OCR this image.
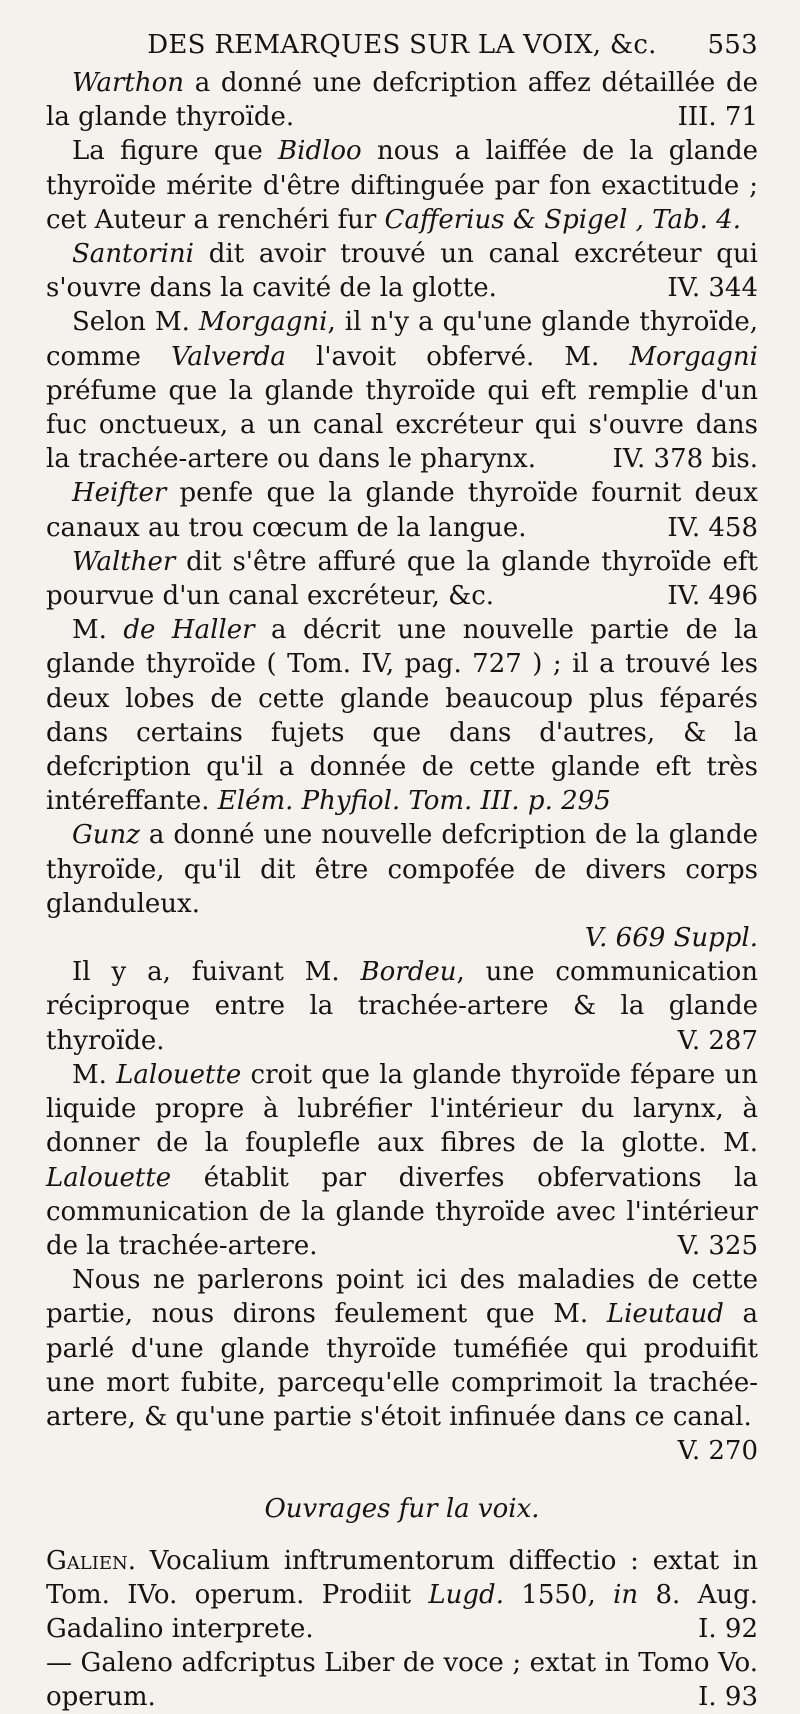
DES REMARQUES SUR LA VOIX, &c.	553

Warthon a donné une defcription affez détaillée de la glande thyroïde.	III. 71

La figure que Bidloo nous a laiffée de la glande thyroïde mérite d'être diftinguée par fon exactitude ; cet Auteur a renchéri fur Cafferius & Spigel , Tab. 4.

Santorini dit avoir trouvé un canal excréteur qui s'ouvre dans la cavité de la glotte.	IV. 344

Selon M. Morgagni, il n'y a qu'une glande thyroïde, comme Valverda l'avoit obfervé. M. Morgagni préfume que la glande thyroïde qui eft remplie d'un fuc onctueux, a un canal excréteur qui s'ouvre dans la trachée-artere ou dans le pharynx.	IV. 378 bis.

Heifter penfe que la glande thyroïde fournit deux canaux au trou cœcum de la langue.	IV. 458

Walther dit s'être affuré que la glande thyroïde eft pourvue d'un canal excréteur, &c.	IV. 496

M. de Haller a décrit une nouvelle partie de la glande thyroïde ( Tom. IV, pag. 727 ) ; il a trouvé les deux lobes de cette glande beaucoup plus féparés dans certains fujets que dans d'autres, & la defcription qu'il a donnée de cette glande eft très intéreffante. Elém. Phyfiol. Tom. III. p. 295

Gunz a donné une nouvelle defcription de la glande thyroïde, qu'il dit être compofée de divers corps glanduleux.

V. 669 Suppl.

Il y a, fuivant M. Bordeu, une communication réciproque entre la trachée-artere & la glande thyroïde.	V. 287

M. Lalouette croit que la glande thyroïde fépare un liquide propre à lubréfier l'intérieur du larynx, à donner de la fouplefle aux fibres de la glotte. M. Lalouette établit par diverfes obfervations la communication de la glande thyroïde avec l'intérieur de la trachée-artere.	V. 325

Nous ne parlerons point ici des maladies de cette partie, nous dirons feulement que M. Lieutaud a parlé d'une glande thyroïde tuméfiée qui produifit une mort fubite, parcequ'elle comprimoit la trachée-artere, & qu'une partie s'étoit infinuée dans ce canal.
V. 270

Ouvrages fur la voix.

Galien. Vocalium inftrumentorum diffectio : extat in Tom. IVo. operum. Prodiit Lugd. 1550, in 8. Aug. Gadalino interprete.	I. 92

— Galeno adfcriptus Liber de voce ; extat in Tomo Vo. operum.	I. 93
